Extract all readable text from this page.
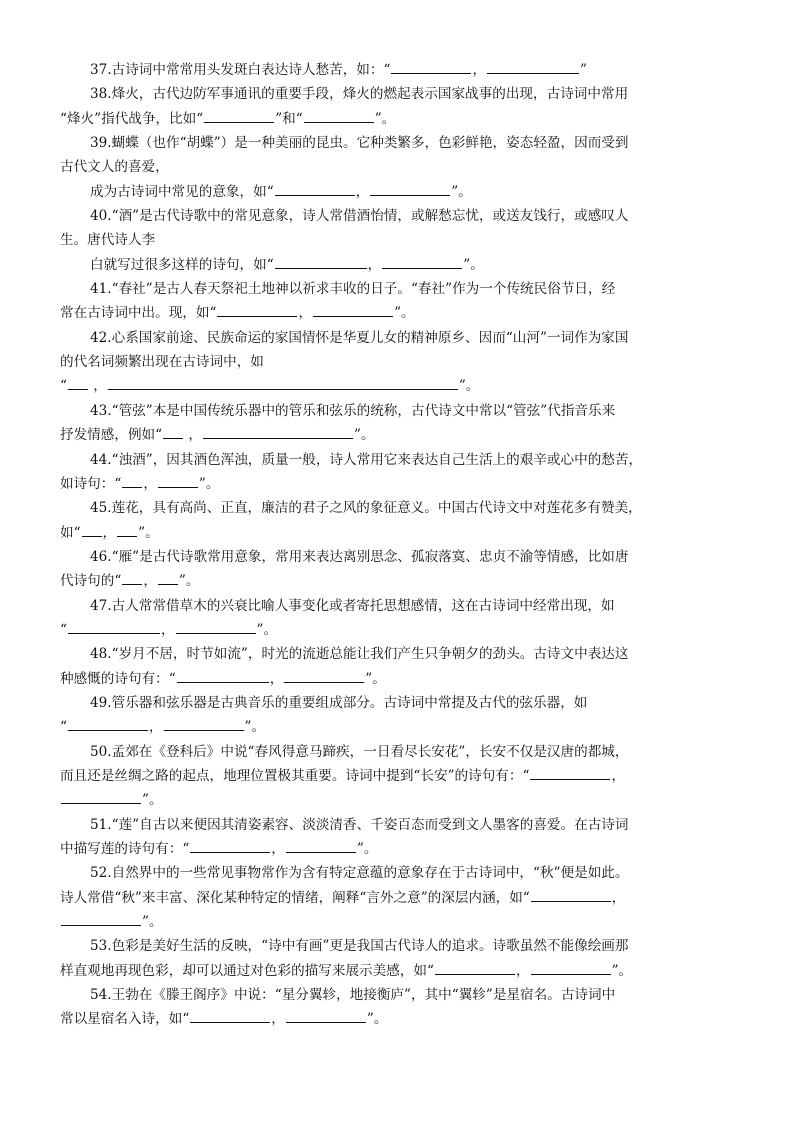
37.古诗词中常常用头发斑白表达诗人愁苦，如：“	，	”

38.烽火，古代边防军事通讯的重要手段，烽火的燃起表示国家战事的出现，古诗词中常用

“烽火”指代战争，比如“	”和“	”。

39.蝴蝶（也作“胡蝶”）是一种美丽的昆虫。它种类繁多，色彩鲜艳，姿态轻盈，因而受到

古代文人的喜爱，

成为古诗词中常见的意象，如“	，	”。

40.“酒”是古代诗歌中的常见意象，诗人常借酒怡情，或解愁忘忧，或送友饯行，或感叹人

生。唐代诗人李

白就写过很多这样的诗句，如“	，	”。

41.“春社”是古人春天祭祀土地神以祈求丰收的日子。“春社”作为一个传统民俗节日，经

常在古诗词中出。现，如“	，	”。

42.心系国家前途、民族命运的家国情怀是华夏儿女的精神原乡、因而“山河”一词作为家国

的代名词频繁出现在古诗词中，如

“ ，	”。

43.“管弦”本是中国传统乐器中的管乐和弦乐的统称，古代诗文中常以“管弦”代指音乐来

抒发情感，例如“ ，	”。

44.“浊酒”，因其酒色浑浊，质量一般，诗人常用它来表达自己生活上的艰辛或心中的愁苦，

如诗句：“ ，	”。

45.莲花，具有高尚、正直，廉洁的君子之风的象征意义。中国古代诗文中对莲花多有赞美，

如“ ， ”。

46.“雁”是古代诗歌常用意象，常用来表达离别思念、孤寂落寞、忠贞不渝等情感，比如唐

代诗句的“ ， ”。

47.古人常常借草木的兴衰比喻人事变化或者寄托思想感情，这在古诗词中经常出现，如

“	，	”。

48.“岁月不居，时节如流”，时光的流逝总能让我们产生只争朝夕的劲头。古诗文中表达这

种感慨的诗句有：“	，	”。

49.管乐器和弦乐器是古典音乐的重要组成部分。古诗词中常提及古代的弦乐器，如

“	，	”。

50.孟郊在《登科后》中说“春风得意马蹄疾，一日看尽长安花”，长安不仅是汉唐的都城，

而且还是丝绸之路的起点，地理位置极其重要。诗词中提到“长安”的诗句有：“	，

”。

51.“莲”自古以来便因其清姿素容、淡淡清香、千姿百态而受到文人墨客的喜爱。在古诗词

中描写莲的诗句有：“	，	”。

52.自然界中的一些常见事物常作为含有特定意蕴的意象存在于古诗词中，“秋”便是如此。

诗人常借“秋”来丰富、深化某种特定的情绪，阐释“言外之意”的深层内涵，如“	，

”。

53.色彩是美好生活的反映，“诗中有画”更是我国古代诗人的追求。诗歌虽然不能像绘画那

样直观地再现色彩，却可以通过对色彩的描写来展示美感，如“	，	”。

54.王勃在《滕王阁序》中说：“星分翼轸，地接衡庐”，其中“翼轸”是星宿名。古诗词中

常以星宿名入诗，如“	，	”。
